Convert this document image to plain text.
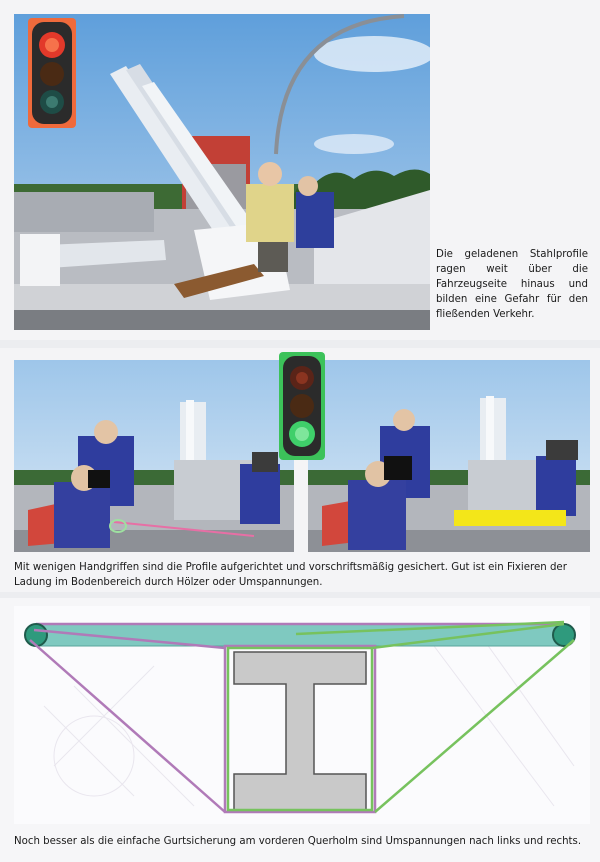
Die geladenen Stahlprofile ragen weit über die Fahrzeugseite hinaus und bilden eine Gefahr für den fließenden Verkehr.
Mit wenigen Handgriffen sind die Profile aufgerichtet und vorschriftsmäßig gesichert. Gut ist ein Fixieren der Ladung im Bodenbereich durch Hölzer oder Umspannungen.
Noch besser als die einfache Gurtsicherung am vorderen Querholm sind Umspannungen nach links und rechts.
